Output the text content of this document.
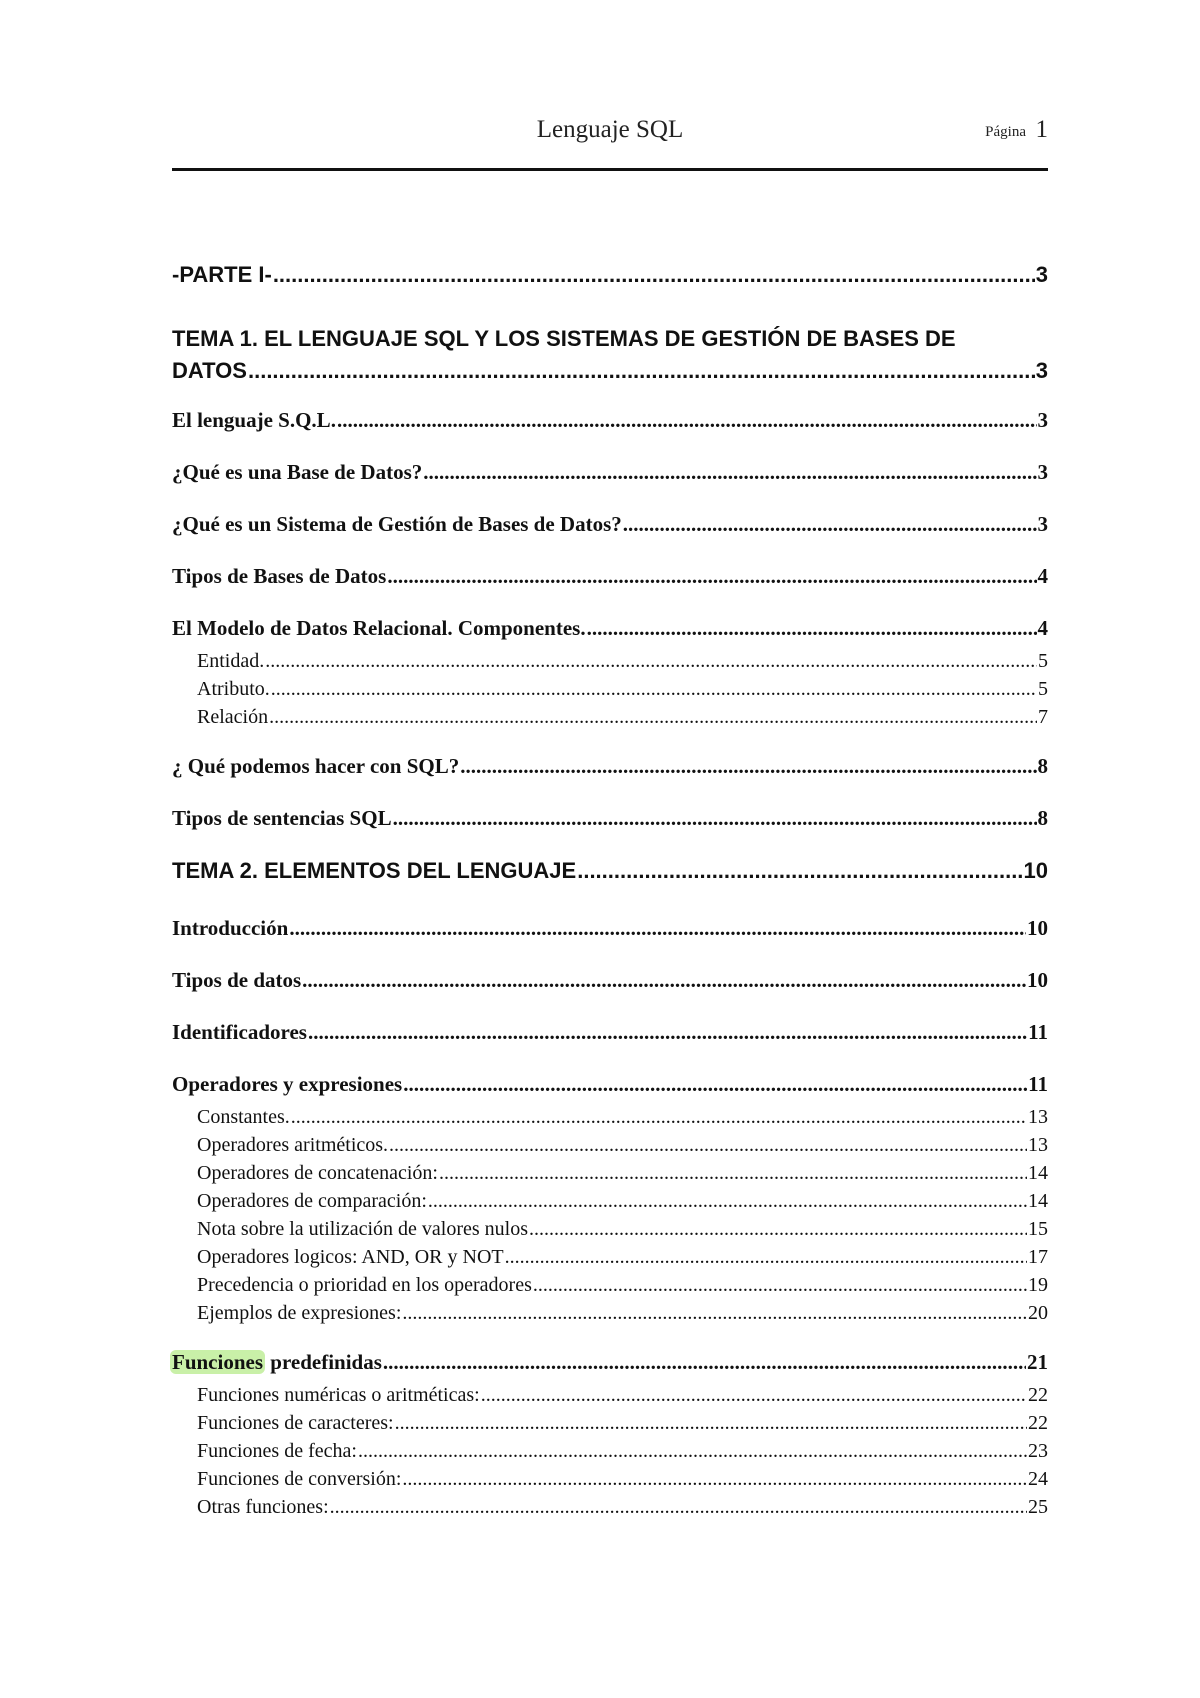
Lenguaje SQL	Página 1
-PARTE I- .....	3
TEMA 1. EL LENGUAJE SQL Y LOS SISTEMAS DE GESTIÓN DE BASES DE
DATOS .....	3
El lenguaje S.Q.L. .....	3
¿Qué es una Base de Datos? .....	3
¿Qué es un Sistema de Gestión de Bases de Datos? .....	3
Tipos de Bases de Datos .....	4
El Modelo de Datos Relacional. Componentes. .....	4
Entidad. .....	5
Atributo. .....	5
Relación .....	7
¿ Qué podemos hacer con SQL? .....	8
Tipos de sentencias SQL .....	8
TEMA 2. ELEMENTOS DEL LENGUAJE .....	10
Introducción .....	10
Tipos de datos .....	10
Identificadores .....	11
Operadores y expresiones .....	11
Constantes. .....	13
Operadores aritméticos. .....	13
Operadores de concatenación: .....	14
Operadores de comparación: .....	14
Nota sobre la utilización de valores nulos .....	15
Operadores logicos: AND, OR y NOT .....	17
Precedencia o prioridad en los operadores .....	19
Ejemplos de expresiones: .....	20
Funciones predefinidas .....	21
Funciones numéricas o aritméticas: .....	22
Funciones de caracteres: .....	22
Funciones de fecha: .....	23
Funciones de conversión: .....	24
Otras funciones: .....	25
